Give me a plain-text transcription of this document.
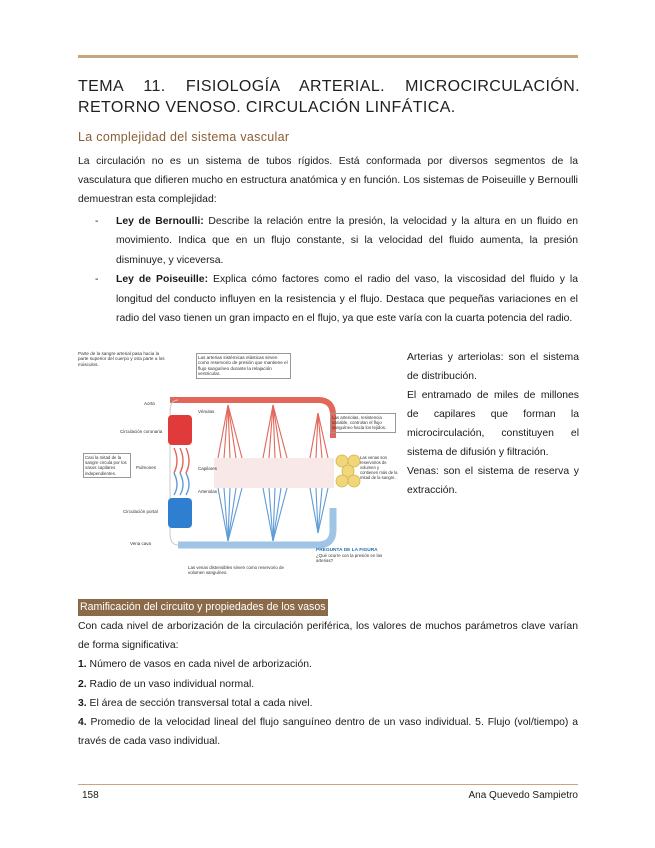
TEMA 11. FISIOLOGÍA ARTERIAL. MICROCIRCULACIÓN. RETORNO VENOSO. CIRCULACIÓN LINFÁTICA.
La complejidad del sistema vascular
La circulación no es un sistema de tubos rígidos. Está conformada por diversos segmentos de la vasculatura que difieren mucho en estructura anatómica y en función. Los sistemas de Poiseuille y Bernoulli demuestran esta complejidad:
- Ley de Bernoulli: Describe la relación entre la presión, la velocidad y la altura en un fluido en movimiento. Indica que en un flujo constante, si la velocidad del fluido aumenta, la presión disminuye, y viceversa.
- Ley de Poiseuille: Explica cómo factores como el radio del vaso, la viscosidad del fluido y la longitud del conducto influyen en la resistencia y el flujo. Destaca que pequeñas variaciones en el radio del vaso tienen un gran impacto en el flujo, ya que este varía con la cuarta potencia del radio.
Aorta
Circulación coronaria
Pulmones
Circulación portal
Vena cava
Vénulas
Capilares
Arteriolas
Parte de la sangre arterial pasa hacia la parte superior del cuerpo y otra parte a los músculos.
Las arterias sistémicas elásticas sirven como reservorio de presión que mantiene el flujo sanguíneo durante la relajación ventricular.
Casi la mitad de la sangre circula por los vasos capilares independientes.
Las arteriolas, resistencia variable, controlan el flujo sanguíneo hacia los tejidos.
Las venas son reservorios de volumen y contienen más de la mitad de la sangre.
Las venas distensibles sirven como reservorio de volumen sanguíneo.
PREGUNTA DE LA FIGURA
¿Qué ocurre con la presión en las arterias?
Arterias y arteriolas: son el sistema de distribución.
El entramado de miles de millones de capilares que forman la microcirculación, constituyen el sistema de difusión y filtración.
Venas: son el sistema de reserva y extracción.
Ramificación del circuito y propiedades de los vasos
Con cada nivel de arborización de la circulación periférica, los valores de muchos parámetros clave varían de forma significativa:
1. Número de vasos en cada nivel de arborización.
2. Radio de un vaso individual normal.
3. El área de sección transversal total a cada nivel.
4. Promedio de la velocidad lineal del flujo sanguíneo dentro de un vaso individual. 5. Flujo (vol/tiempo) a través de cada vaso individual.
158	Ana Quevedo Sampietro
